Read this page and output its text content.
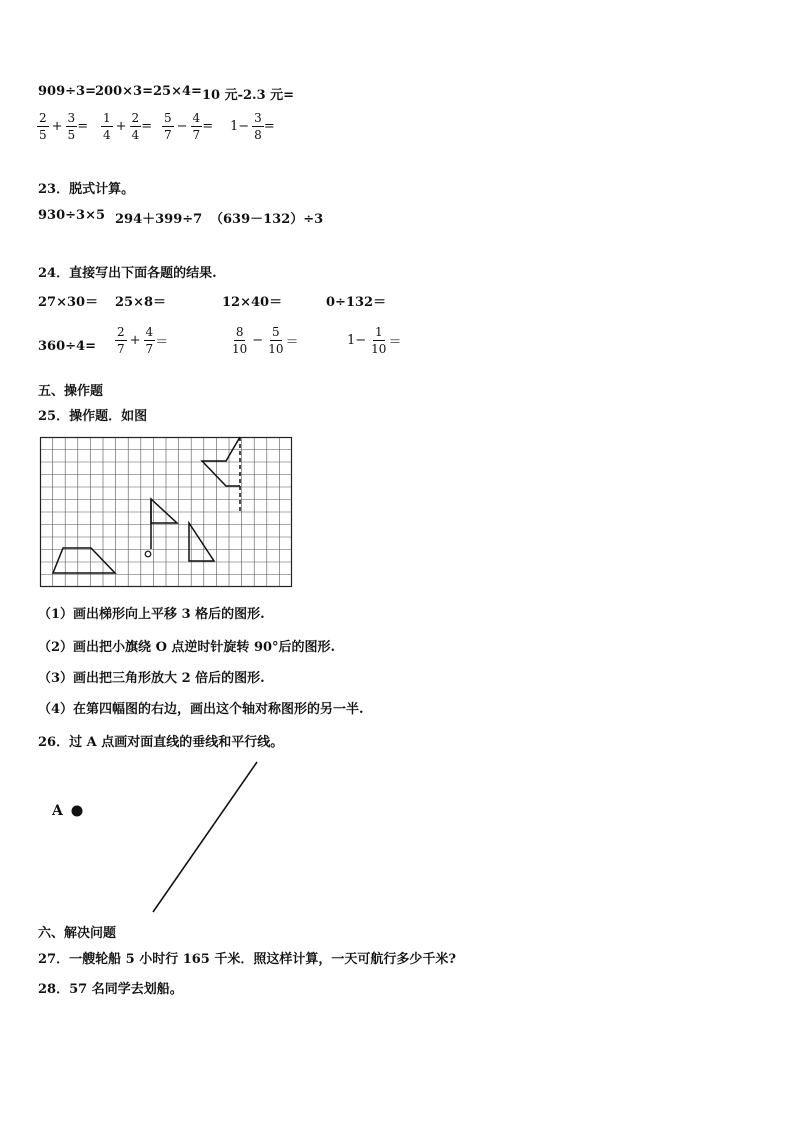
909÷3= 200×3= 25×4= 10 元-2.3 元=
$\frac{2}{5} + \frac{3}{5} = \frac{1}{4} + \frac{2}{4} = \frac{5}{7} - \frac{4}{7} = 1- \frac{3}{8}$ =
23．脱式计算。
930÷3×5 294＋399÷7 （639－132）÷3
24．直接写出下面各题的结果.
27×30＝ 25×8＝	12×40＝	0÷132＝
$360\div 4= \frac{2}{7} + \frac{4}{7}$ ＝	$\frac{8}{10} - \frac{5}{10}$ ＝	$1- \frac{1}{10}$ ＝
五、操作题
25．操作题．如图
（1）画出梯形向上平移 3 格后的图形.
（2）画出把小旗绕 O 点逆时针旋转 90°后的图形.
（3）画出把三角形放大 2 倍后的图形.
（4）在第四幅图的右边，画出这个轴对称图形的另一半.
26．过 A 点画对面直线的垂线和平行线。
A
六、解决问题
27．一艘轮船 5 小时行 165 千米．照这样计算，一天可航行多少千米?
28．57 名同学去划船。
